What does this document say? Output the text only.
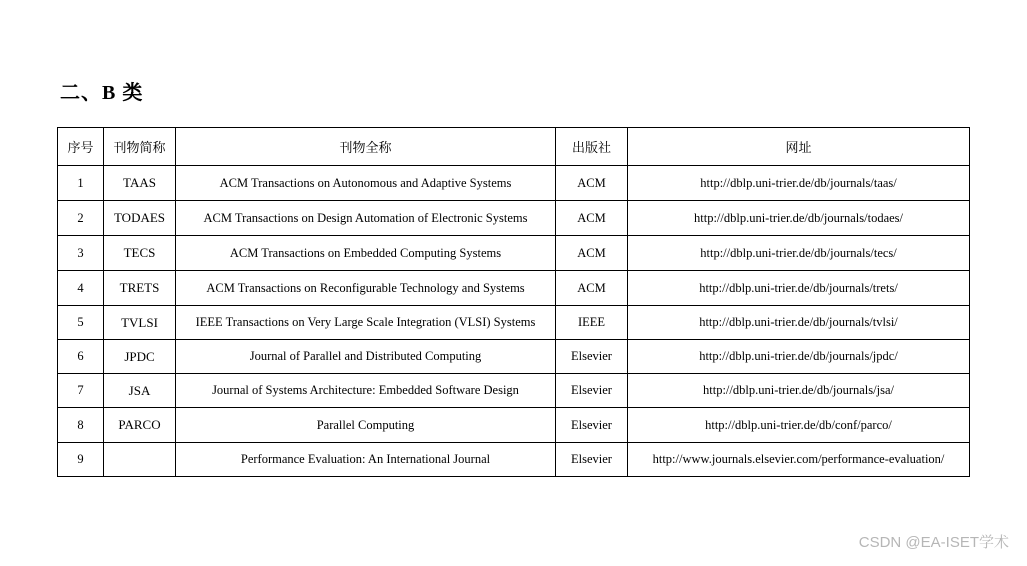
二、B 类
序号	刊物简称	刊物全称	出版社	网址
1	TAAS	ACM Transactions on Autonomous and Adaptive Systems	ACM	http://dblp.uni-trier.de/db/journals/taas/
2	TODAES	ACM Transactions on Design Automation of Electronic Systems	ACM	http://dblp.uni-trier.de/db/journals/todaes/
3	TECS	ACM Transactions on Embedded Computing Systems	ACM	http://dblp.uni-trier.de/db/journals/tecs/
4	TRETS	ACM Transactions on Reconfigurable Technology and Systems	ACM	http://dblp.uni-trier.de/db/journals/trets/
5	TVLSI	IEEE Transactions on Very Large Scale Integration (VLSI) Systems	IEEE	http://dblp.uni-trier.de/db/journals/tvlsi/
6	JPDC	Journal of Parallel and Distributed Computing	Elsevier	http://dblp.uni-trier.de/db/journals/jpdc/
7	JSA	Journal of Systems Architecture: Embedded Software Design	Elsevier	http://dblp.uni-trier.de/db/journals/jsa/
8	PARCO	Parallel Computing	Elsevier	http://dblp.uni-trier.de/db/conf/parco/
9		Performance Evaluation: An International Journal	Elsevier	http://www.journals.elsevier.com/performance-evaluation/
CSDN @EA-ISET学术
